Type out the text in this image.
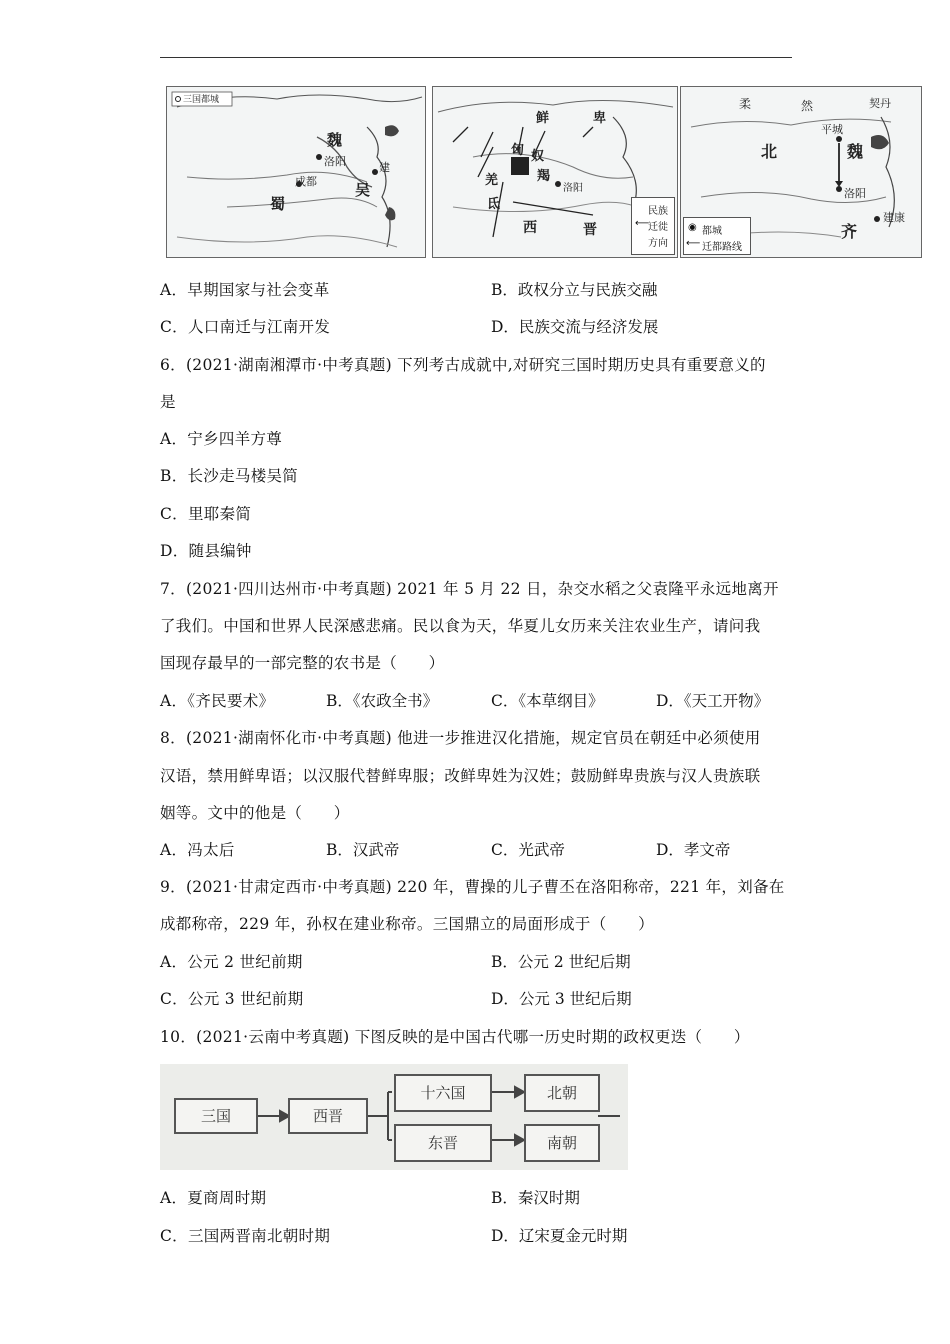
三国都城
魏
洛阳	建
成都	吴
蜀
鲜	卑
匈 奴
羯
羌
洛阳
氐
西	晋
民族
迁徙
方向
⟵
柔	然	契丹
平城
北	魏
洛阳
齐
建康
◉ 都城
⟵ 迁都路线
A．早期国家与社会变革	B．政权分立与民族交融
C．人口南迁与江南开发	D．民族交流与经济发展
6．(2021·湖南湘潭市·中考真题) 下列考古成就中,对研究三国时期历史具有重要意义的
是
A．宁乡四羊方尊
B．长沙走马楼吴简
C．里耶秦简
D．随县编钟
7．(2021·四川达州市·中考真题) 2021 年 5 月 22 日，杂交水稻之父袁隆平永远地离开
了我们。中国和世界人民深感悲痛。民以食为天，华夏儿女历来关注农业生产，请问我
国现存最早的一部完整的农书是（　　）
A．《齐民要术》	B．《农政全书》	C．《本草纲目》	D．《天工开物》
8．(2021·湖南怀化市·中考真题) 他进一步推进汉化措施，规定官员在朝廷中必须使用
汉语，禁用鲜卑语；以汉服代替鲜卑服；改鲜卑姓为汉姓；鼓励鲜卑贵族与汉人贵族联
姻等。文中的他是（　　）
A．冯太后	B．汉武帝	C．光武帝	D．孝文帝
9．(2021·甘肃定西市·中考真题) 220 年，曹操的儿子曹丕在洛阳称帝，221 年，刘备在
成都称帝，229 年，孙权在建业称帝。三国鼎立的局面形成于（　　）
A．公元 2 世纪前期	B．公元 2 世纪后期
C．公元 3 世纪前期	D．公元 3 世纪后期
10．(2021·云南中考真题) 下图反映的是中国古代哪一历史时期的政权更迭（　　）
三国	西晋
十六国
东晋
北朝
南朝
A．夏商周时期	B．秦汉时期
C．三国两晋南北朝时期	D．辽宋夏金元时期
